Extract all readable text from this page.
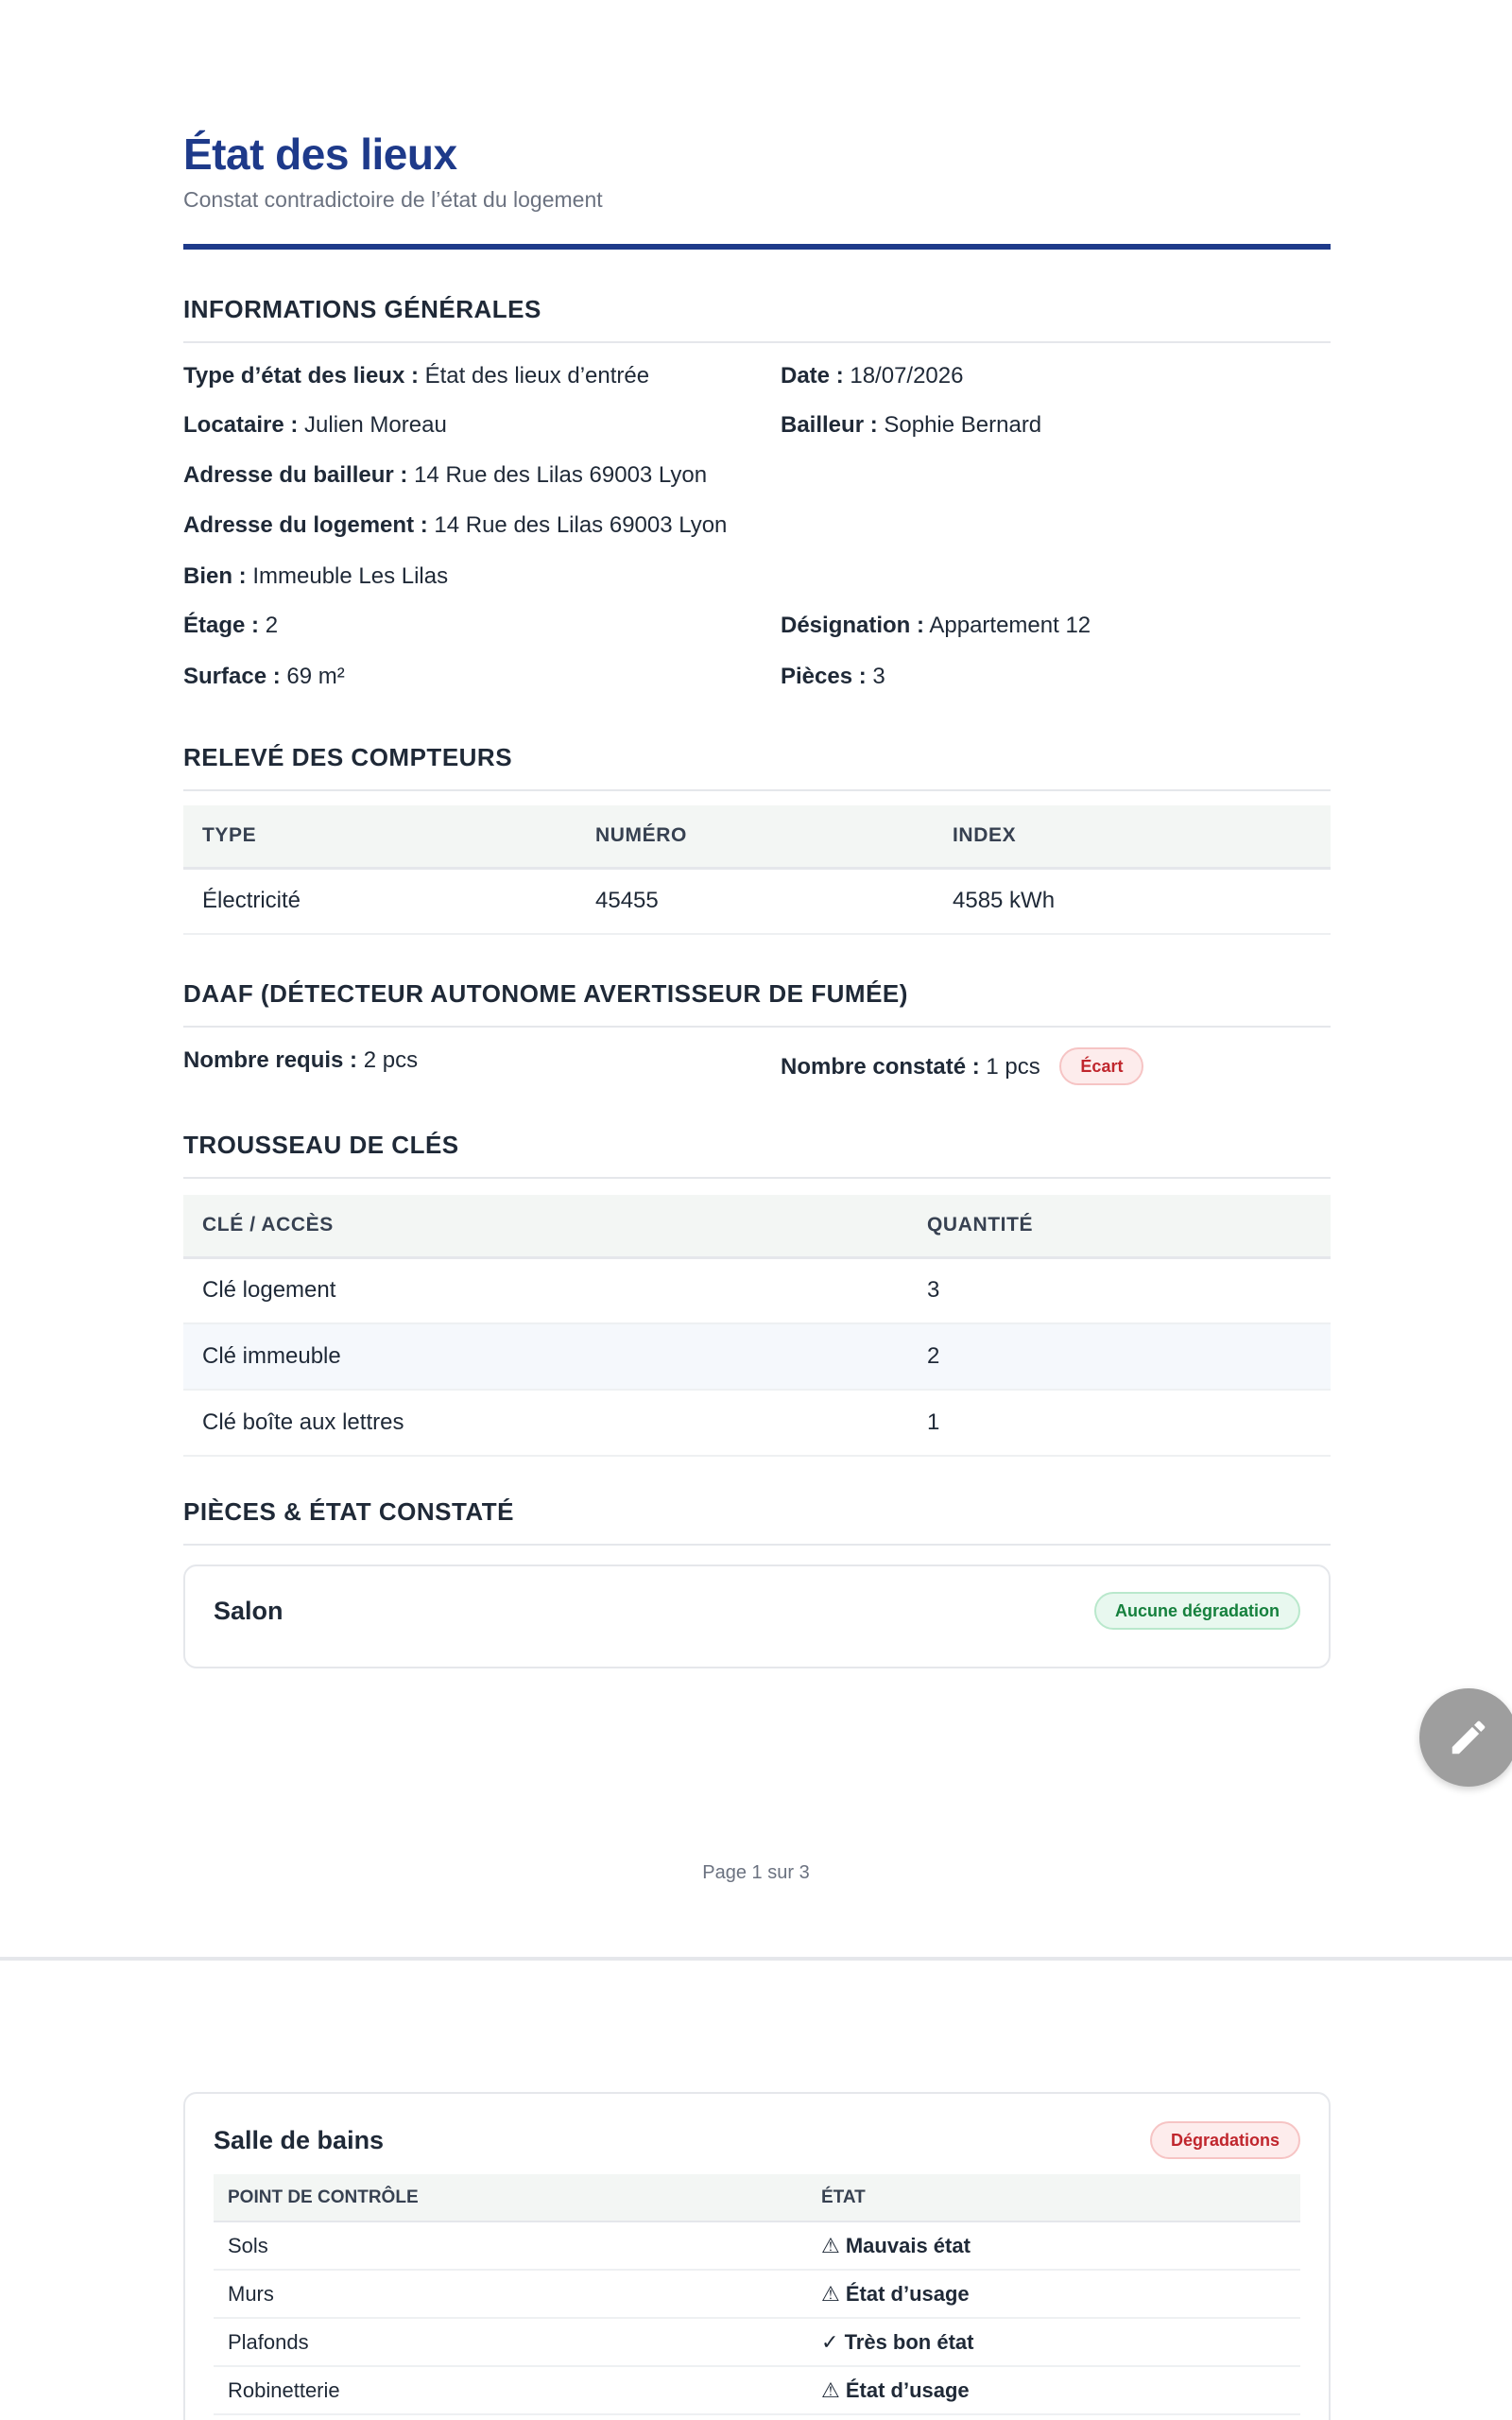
État des lieux
Constat contradictoire de l’état du logement
INFORMATIONS GÉNÉRALES
Type d’état des lieux : État des lieux d’entrée	Date : 18/07/2026
Locataire : Julien Moreau	Bailleur : Sophie Bernard
Adresse du bailleur : 14 Rue des Lilas 69003 Lyon
Adresse du logement : 14 Rue des Lilas 69003 Lyon
Bien : Immeuble Les Lilas
Étage : 2	Désignation : Appartement 12
Surface : 69 m²	Pièces : 3
RELEVÉ DES COMPTEURS
TYPE	NUMÉRO	INDEX
Électricité	45455	4585 kWh
DAAF (DÉTECTEUR AUTONOME AVERTISSEUR DE FUMÉE)
Nombre requis : 2 pcs	Nombre constaté : 1 pcs Écart
TROUSSEAU DE CLÉS
CLÉ / ACCÈS	QUANTITÉ
Clé logement	3
Clé immeuble	2
Clé boîte aux lettres	1
PIÈCES & ÉTAT CONSTATÉ
Salon	Aucune dégradation
Page 1 sur 3
Salle de bains	Dégradations
POINT DE CONTRÔLE	ÉTAT
Sols	⚠ Mauvais état
Murs	⚠ État d’usage
Plafonds	✓ Très bon état
Robinetterie	⚠ État d’usage
